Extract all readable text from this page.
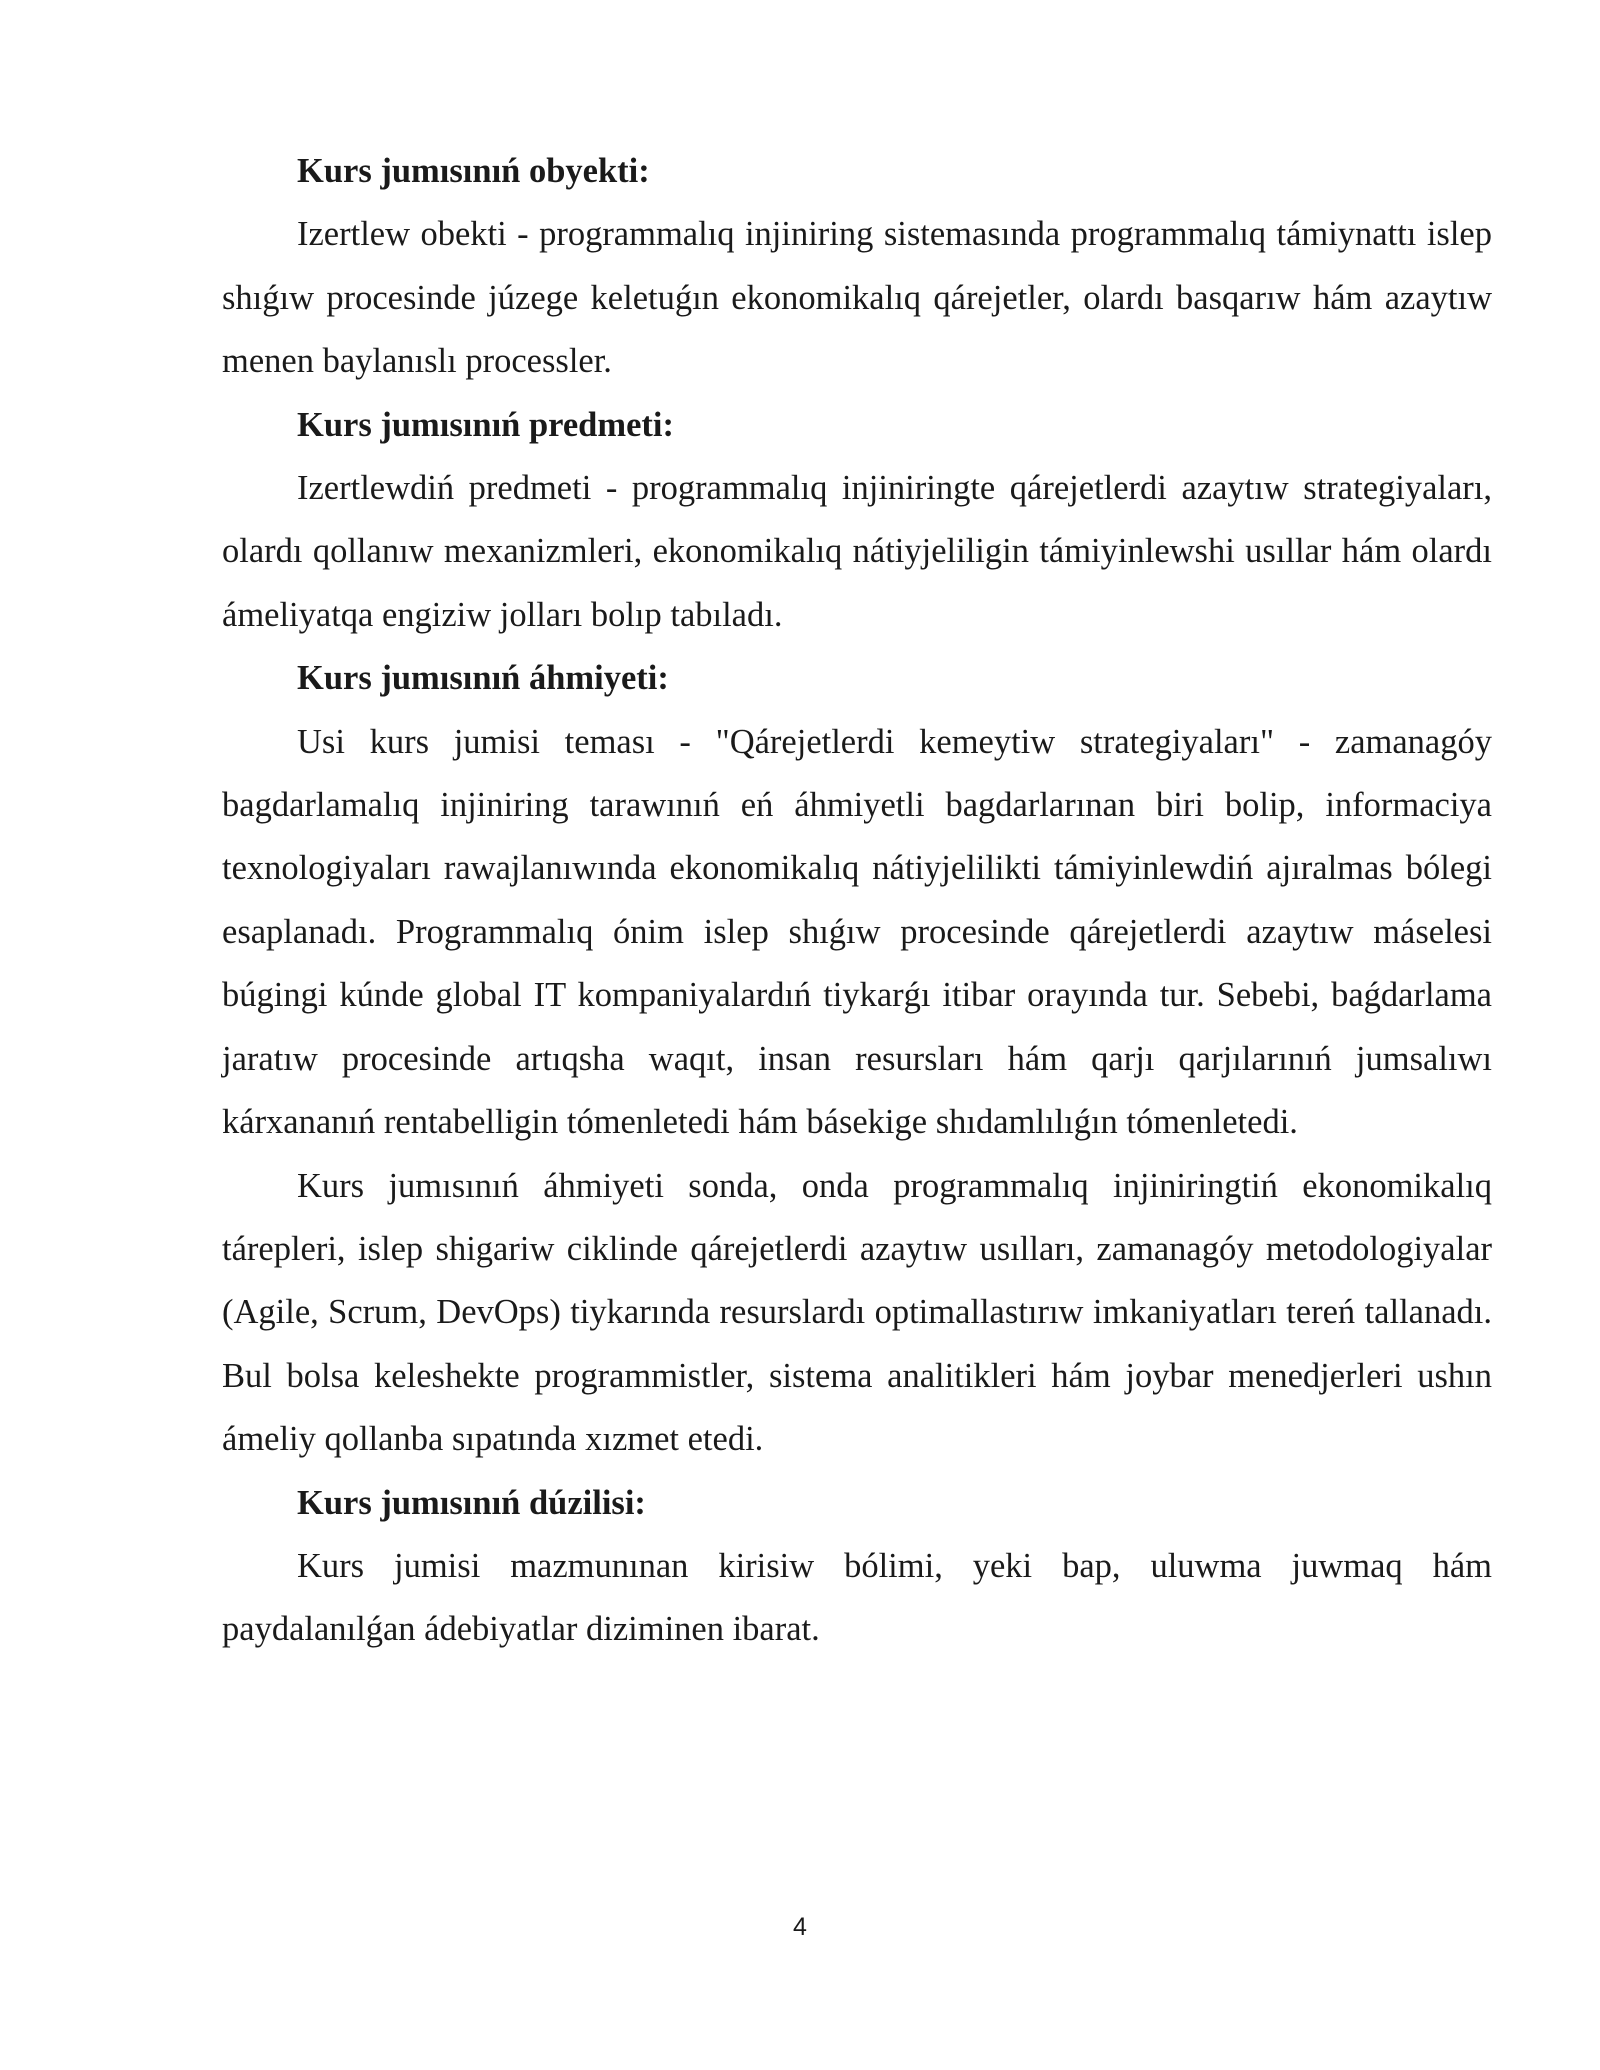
Kurs jumısınıń obyekti:

Izertlew obekti - programmalıq injiniring sistemasında programmalıq támiynattı islep shıǵıw procesinde júzege keletuǵın ekonomikalıq qárejetler, olardı basqarıw hám azaytıw menen baylanıslı processler.

Kurs jumısınıń predmeti:

Izertlewdiń predmeti - programmalıq injiniringte qárejetlerdi azaytıw strategiyaları, olardı qollanıw mexanizmleri, ekonomikalıq nátiyjeliligin támiyinlewshi usıllar hám olardı ámeliyatqa engiziw jolları bolıp tabıladı.

Kurs jumısınıń áhmiyeti:

Usi kurs jumisi teması - "Qárejetlerdi kemeytiw strategiyaları" - zamanagóy bagdarlamalıq injiniring tarawınıń eń áhmiyetli bagdarlarınan biri bolip, informaciya texnologiyaları rawajlanıwında ekonomikalıq nátiyjelilikti támiyinlewdiń ajıralmas bólegi esaplanadı. Programmalıq ónim islep shıǵıw procesinde qárejetlerdi azaytıw máselesi búgingi kúnde global IT kompaniyalardıń tiykarǵı itibar orayında tur. Sebebi, baǵdarlama jaratıw procesinde artıqsha waqıt, insan resursları hám qarjı qarjılarınıń jumsalıwı kárxananıń rentabelligin tómenletedi hám básekige shıdamlılıǵın tómenletedi.

Kurs jumısınıń áhmiyeti sonda, onda programmalıq injiniringtiń ekonomikalıq tárepleri, islep shigariw ciklinde qárejetlerdi azaytıw usılları, zamanagóy metodologiyalar (Agile, Scrum, DevOps) tiykarında resurslardı optimallastırıw imkaniyatları tereń tallanadı. Bul bolsa keleshekte programmistler, sistema analitikleri hám joybar menedjerleri ushın ámeliy qollanba sıpatında xızmet etedi.

Kurs jumısınıń dúzilisi:

Kurs jumisi mazmunınan kirisiw bólimi, yeki bap, uluwma juwmaq hám paydalanılǵan ádebiyatlar diziminen ibarat.

4
